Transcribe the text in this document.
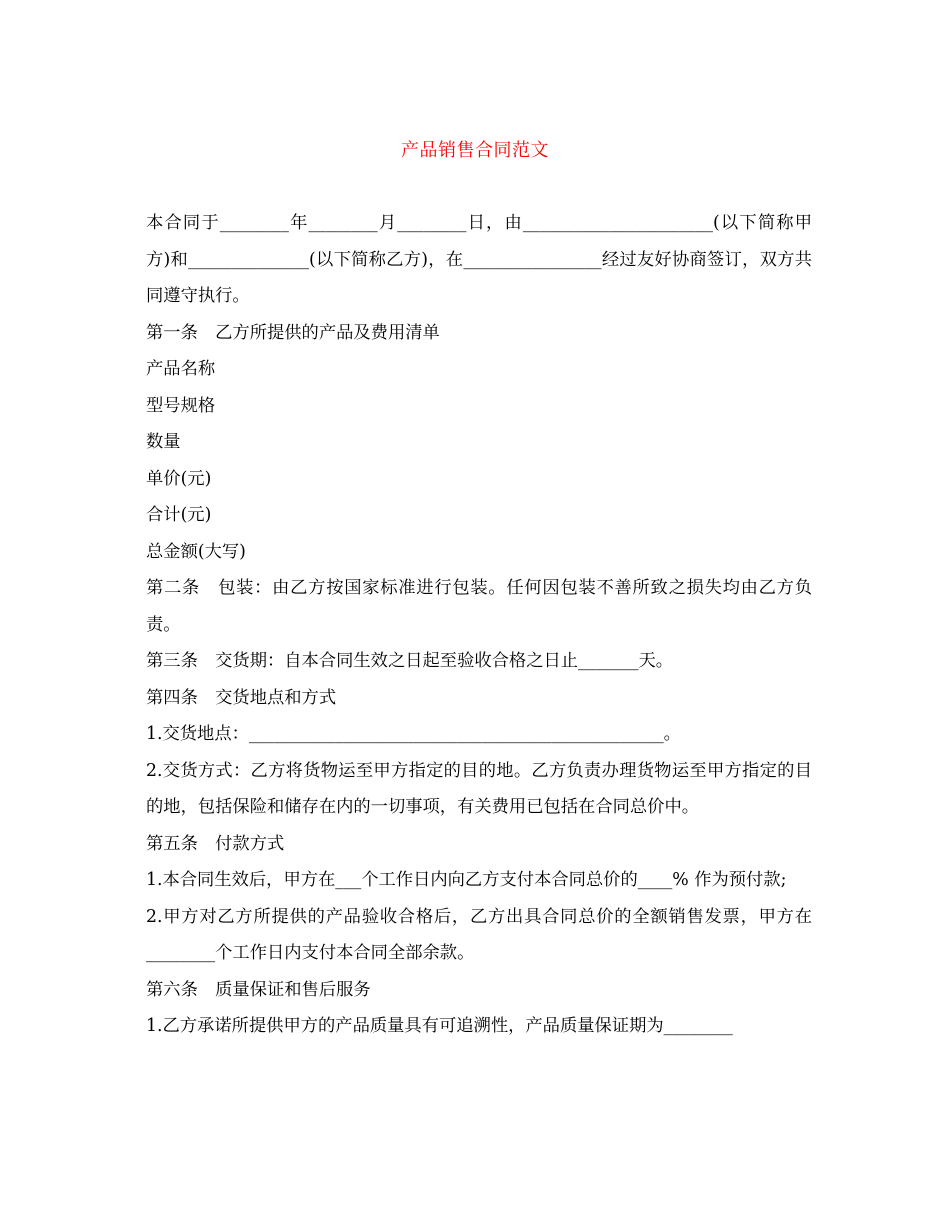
产品销售合同范文

本合同于________年________月________日，由______________________(以下简称甲方)和______________(以下简称乙方)，在________________经过友好协商签订，双方共同遵守执行。

第一条　乙方所提供的产品及费用清单

产品名称

型号规格

数量

单价(元)

合计(元)

总金额(大写)

第二条　包装：由乙方按国家标准进行包装。任何因包装不善所致之损失均由乙方负责。

第三条　交货期：自本合同生效之日起至验收合格之日止_______天。

第四条　交货地点和方式

1.交货地点：________________________________________________。

2.交货方式：乙方将货物运至甲方指定的目的地。乙方负责办理货物运至甲方指定的目的地，包括保险和储存在内的一切事项，有关费用已包括在合同总价中。

第五条　付款方式

1.本合同生效后，甲方在___个工作日内向乙方支付本合同总价的____% 作为预付款;

2.甲方对乙方所提供的产品验收合格后，乙方出具合同总价的全额销售发票，甲方在________个工作日内支付本合同全部余款。

第六条　质量保证和售后服务

1.乙方承诺所提供甲方的产品质量具有可追溯性，产品质量保证期为________
